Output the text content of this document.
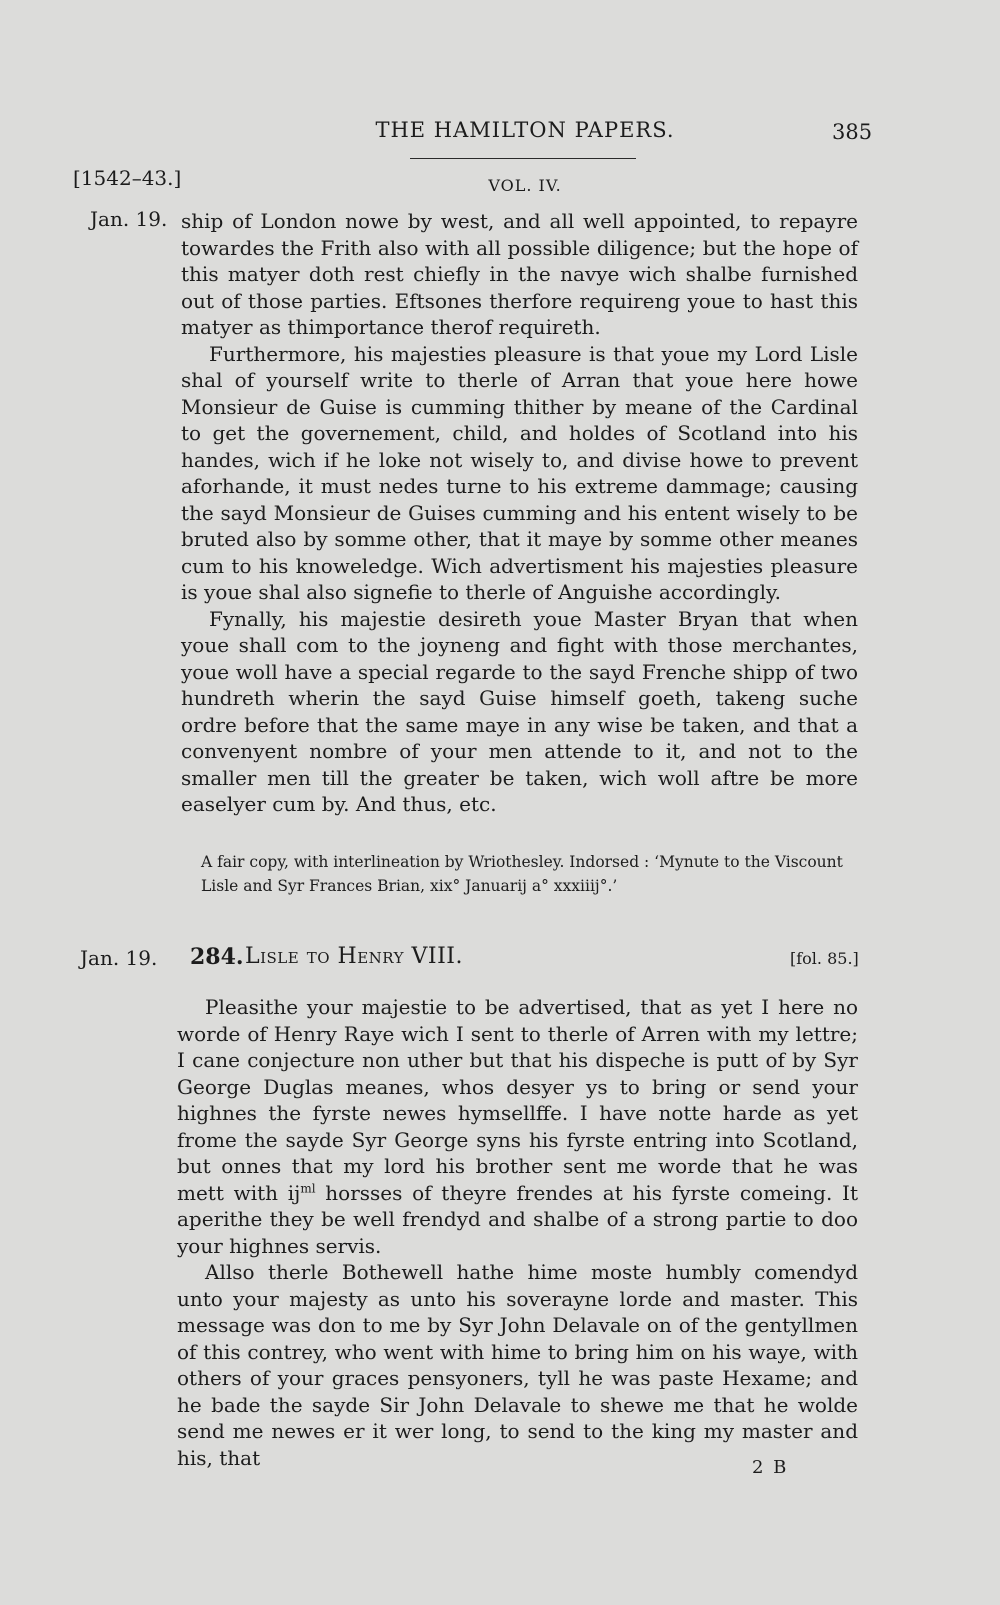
THE HAMILTON PAPERS.	385
[1542–43.]	VOL. IV.
Jan. 19. ship of London nowe by west, and all well appointed, to repayre towardes the Frith also with all possible diligence; but the hope of this matyer doth rest chiefly in the navye wich shalbe furnished out of those parties. Eftsones therfore requireng youe to hast this matyer as thimportance therof requireth.

Furthermore, his majesties pleasure is that youe my Lord Lisle shal of yourself write to therle of Arran that youe here howe Monsieur de Guise is cumming thither by meane of the Cardinal to get the governement, child, and holdes of Scotland into his handes, wich if he loke not wisely to, and divise howe to prevent aforhande, it must nedes turne to his extreme dammage; causing the sayd Monsieur de Guises cumming and his entent wisely to be bruted also by somme other, that it maye by somme other meanes cum to his knoweledge. Wich advertisment his majesties pleasure is youe shal also signefie to therle of Anguishe accordingly.

Fynally, his majestie desireth youe Master Bryan that when youe shall com to the joyneng and fight with those merchantes, youe woll have a special regarde to the sayd Frenche shipp of two hundreth wherin the sayd Guise himself goeth, takeng suche ordre before that the same maye in any wise be taken, and that a convenyent nombre of your men attende to it, and not to the smaller men till the greater be taken, wich woll aftre be more easelyer cum by. And thus, etc.

A fair copy, with interlineation by Wriothesley. Indorsed : ‘Mynute to the Viscount Lisle and Syr Frances Brian, xix° Januarij a° xxxiiij°.’

Jan. 19. 284. Lisle to Henry VIII.	[fol. 85.]

Pleasithe your majestie to be advertised, that as yet I here no worde of Henry Raye wich I sent to therle of Arren with my lettre; I cane conjecture non uther but that his dispeche is putt of by Syr George Duglas meanes, whos desyer ys to bring or send your highnes the fyrste newes hymsellffe. I have notte harde as yet frome the sayde Syr George syns his fyrste entring into Scotland, but onnes that my lord his brother sent me worde that he was mett with $ij^{ml}$ horsses of theyre frendes at his fyrste comeing. It aperithe they be well frendyd and shalbe of a strong partie to doo your highnes servis.

Allso therle Bothewell hathe hime moste humbly comendyd unto your majesty as unto his soverayne lorde and master. This message was don to me by Syr John Delavale on of the gentyllmen of this contrey, who went with hime to bring him on his waye, with others of your graces pensyoners, tyll he was paste Hexame; and he bade the sayde Sir John Delavale to shewe me that he wolde send me newes er it wer long, to send to the king my master and his, that	2 B
